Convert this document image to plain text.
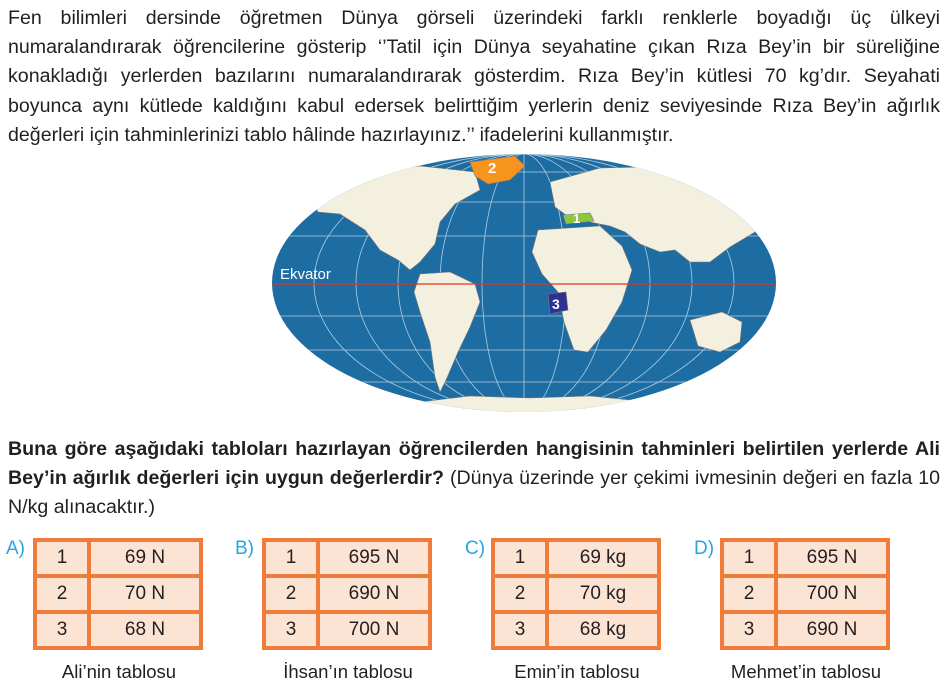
Fen bilimleri dersinde öğretmen Dünya görseli üzerindeki farklı renklerle boyadığı üç ülkeyi numaralandırarak öğrencilerine gösterip ‘’Tatil için Dünya seyahatine çıkan Rıza Bey’in bir süreliğine konakladığı yerlerden bazılarını numaralandırarak gösterdim. Rıza Bey’in kütlesi 70 kg’dır. Seyahati boyunca aynı kütlede kaldığını kabul edersek belirttiğim yerlerin deniz seviyesinde Rıza Bey’in ağırlık değerleri için tahminlerinizi tablo hâlinde hazırlayınız.’’ ifadelerini kullanmıştır.

2
1
3
Ekvator

Buna göre aşağıdaki tabloları hazırlayan öğrencilerden hangisinin tahminleri belirtilen yerlerde Ali Bey’in ağırlık değerleri için uygun değerlerdir? (Dünya üzerinde yer çekimi ivmesinin değeri en fazla 10 N/kg alınacaktır.)

A) 1	69 N
2	70 N
3	68 N
Ali’nin tablosu
B) 1	695 N
2	690 N
3	700 N
İhsan’ın tablosu
C) 1	69 kg
2	70 kg
3	68 kg
Emin’in tablosu
D) 1	695 N
2	700 N
3	690 N
Mehmet’in tablosu
